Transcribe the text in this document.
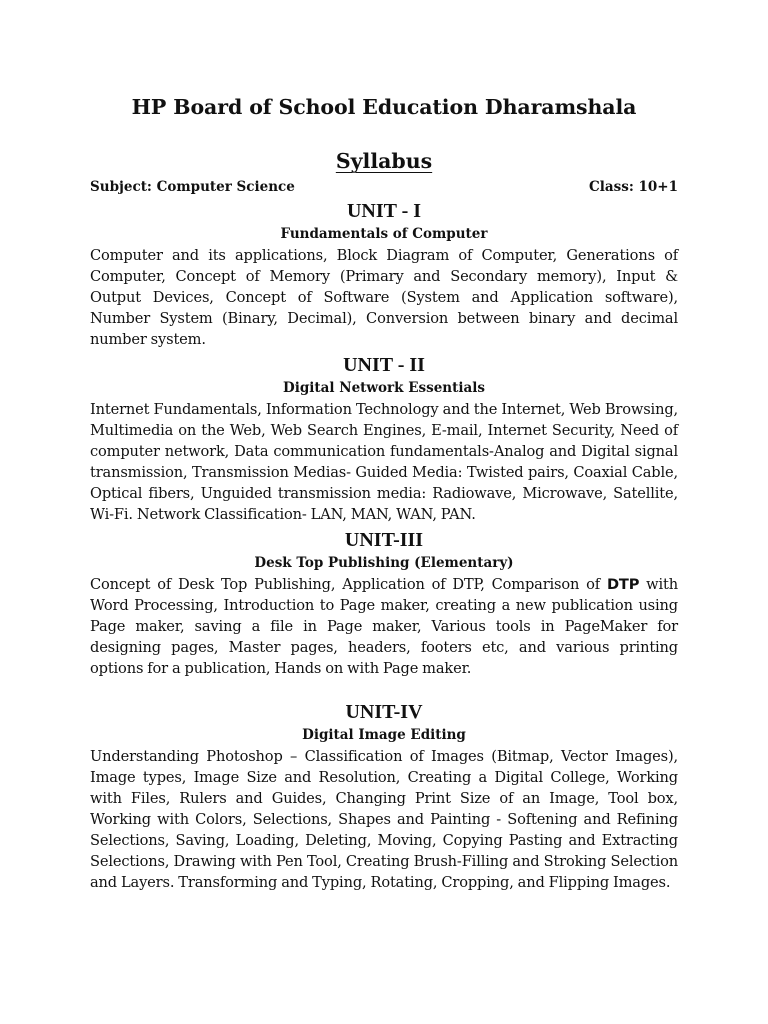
HP Board of School Education Dharamshala
Syllabus
Subject: Computer Science	Class: 10+1
UNIT - I
Fundamentals of Computer

Computer and its applications, Block Diagram of Computer, Generations of Computer, Concept of Memory (Primary and Secondary memory), Input & Output Devices, Concept of Software (System and Application software), Number System (Binary, Decimal), Conversion between binary and decimal number system.

UNIT - II
Digital Network Essentials

Internet Fundamentals, Information Technology and the Internet, Web Browsing, Multimedia on the Web, Web Search Engines, E-mail, Internet Security, Need of computer network, Data communication fundamentals-Analog and Digital signal transmission, Transmission Medias- Guided Media: Twisted pairs, Coaxial Cable, Optical fibers, Unguided transmission media: Radiowave, Microwave, Satellite, Wi-Fi. Network Classification- LAN, MAN, WAN, PAN.

UNIT-III
Desk Top Publishing (Elementary)

Concept of Desk Top Publishing, Application of DTP, Comparison of DTP with Word Processing, Introduction to Page maker, creating a new publication using Page maker, saving a file in Page maker, Various tools in PageMaker for designing pages, Master pages, headers, footers etc, and various printing options for a publication, Hands on with Page maker.

UNIT-IV
Digital Image Editing

Understanding Photoshop – Classification of Images (Bitmap, Vector Images), Image types, Image Size and Resolution, Creating a Digital College, Working with Files, Rulers and Guides, Changing Print Size of an Image, Tool box, Working with Colors, Selections, Shapes and Painting - Softening and Refining Selections, Saving, Loading, Deleting, Moving, Copying Pasting and Extracting Selections, Drawing with Pen Tool, Creating Brush-Filling and Stroking Selection and Layers. Transforming and Typing, Rotating, Cropping, and Flipping Images.
